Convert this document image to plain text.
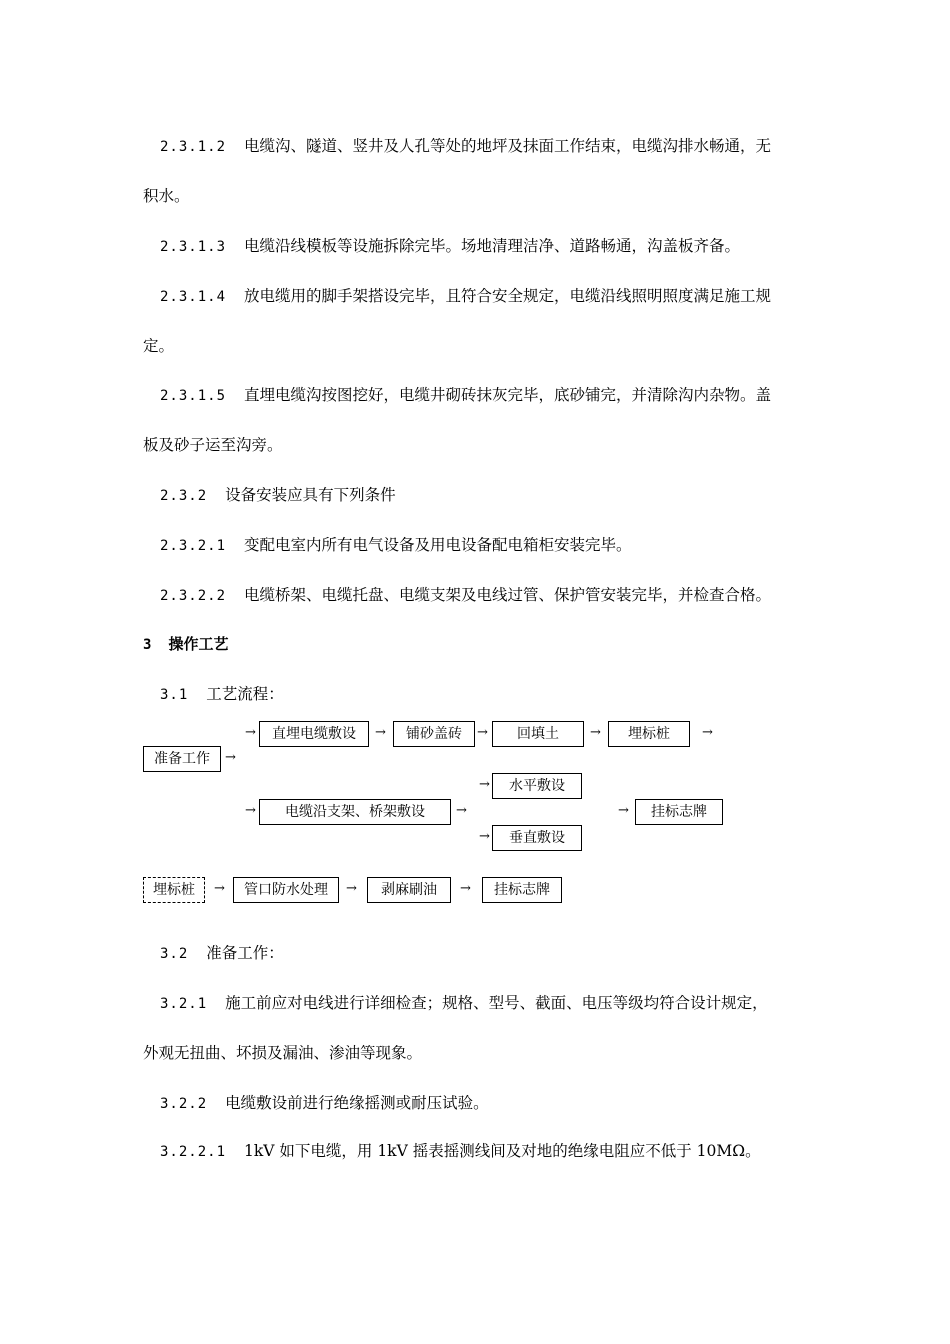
2.3.1.2 电缆沟、隧道、竖井及人孔等处的地坪及抹面工作结束，电缆沟排水畅通，无
积水。
2.3.1.3 电缆沿线模板等设施拆除完毕。场地清理洁净、道路畅通，沟盖板齐备。
2.3.1.4 放电缆用的脚手架搭设完毕，且符合安全规定，电缆沿线照明照度满足施工规
定。
2.3.1.5 直埋电缆沟按图挖好，电缆井砌砖抹灰完毕，底砂铺完，并清除沟内杂物。盖
板及砂子运至沟旁。
2.3.2 设备安装应具有下列条件
2.3.2.1 变配电室内所有电气设备及用电设备配电箱柜安装完毕。
2.3.2.2 电缆桥架、电缆托盘、电缆支架及电线过管、保护管安装完毕，并检查合格。
3 操作工艺
3.1 工艺流程：
→	直埋电缆敷设	→	铺砂盖砖	→	回填土	→	埋标桩	→
准备工作	→
→	水平敷设
→	电缆沿支架、桥架敷设	→	→	挂标志牌
→	垂直敷设
埋标桩	→	管口防水处理	→	剥麻刷油	→	挂标志牌
3.2 准备工作：
3.2.1 施工前应对电线进行详细检查；规格、型号、截面、电压等级均符合设计规定，
外观无扭曲、坏损及漏油、渗油等现象。
3.2.2 电缆敷设前进行绝缘摇测或耐压试验。
3.2.2.1 1kV 如下电缆，用 1kV 摇表摇测线间及对地的绝缘电阻应不低于 10MΩ。
